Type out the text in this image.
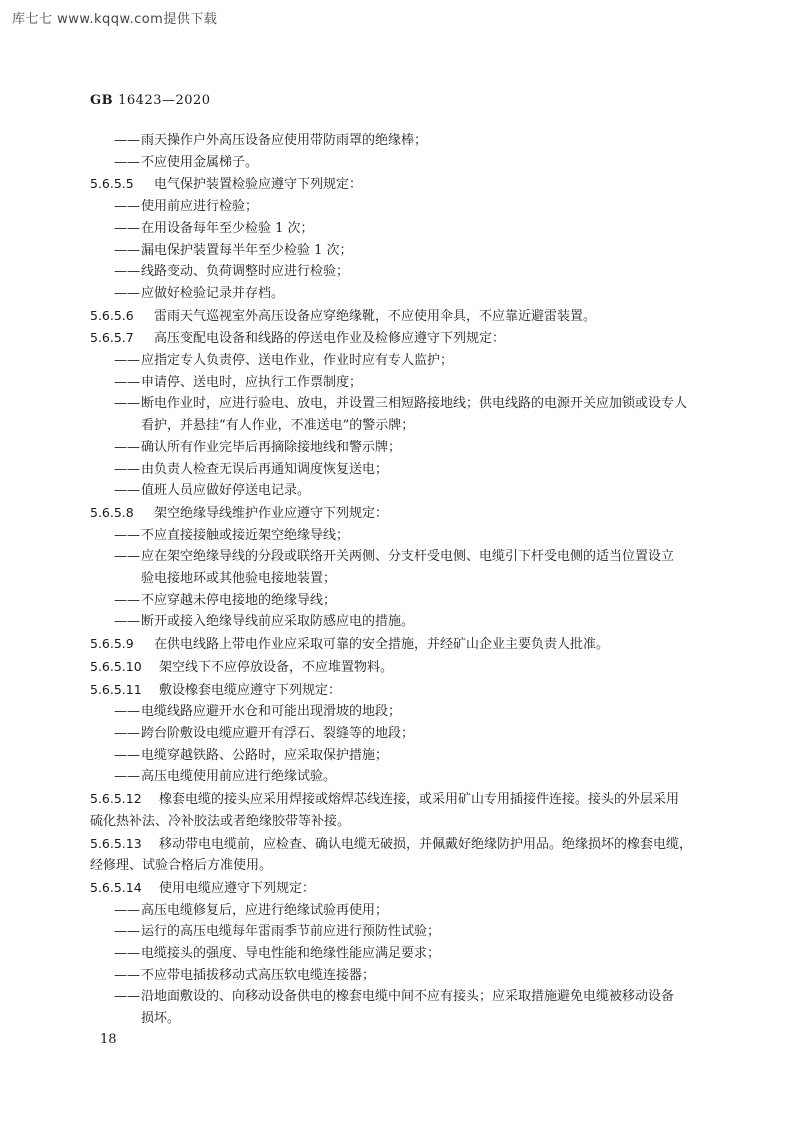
库七七 www.kqqw.com提供下载
GB 16423—2020
——雨天操作户外高压设备应使用带防雨罩的绝缘棒；
——不应使用金属梯子。
5.6.5.5 电气保护装置检验应遵守下列规定：
——使用前应进行检验；
——在用设备每年至少检验 1 次；
——漏电保护装置每半年至少检验 1 次；
——线路变动、负荷调整时应进行检验；
——应做好检验记录并存档。
5.6.5.6 雷雨天气巡视室外高压设备应穿绝缘靴，不应使用伞具，不应靠近避雷装置。
5.6.5.7 高压变配电设备和线路的停送电作业及检修应遵守下列规定：
——应指定专人负责停、送电作业，作业时应有专人监护；
——申请停、送电时，应执行工作票制度；
——断电作业时，应进行验电、放电，并设置三相短路接地线；供电线路的电源开关应加锁或设专人
看护，并悬挂“有人作业，不准送电”的警示牌；
——确认所有作业完毕后再摘除接地线和警示牌；
——由负责人检查无误后再通知调度恢复送电；
——值班人员应做好停送电记录。
5.6.5.8 架空绝缘导线维护作业应遵守下列规定：
——不应直接接触或接近架空绝缘导线；
——应在架空绝缘导线的分段或联络开关两侧、分支杆受电侧、电缆引下杆受电侧的适当位置设立
验电接地环或其他验电接地装置；
——不应穿越未停电接地的绝缘导线；
——断开或接入绝缘导线前应采取防感应电的措施。
5.6.5.9 在供电线路上带电作业应采取可靠的安全措施，并经矿山企业主要负责人批准。
5.6.5.10 架空线下不应停放设备，不应堆置物料。
5.6.5.11 敷设橡套电缆应遵守下列规定：
——电缆线路应避开水仓和可能出现滑坡的地段；
——跨台阶敷设电缆应避开有浮石、裂缝等的地段；
——电缆穿越铁路、公路时，应采取保护措施；
——高压电缆使用前应进行绝缘试验。
5.6.5.12 橡套电缆的接头应采用焊接或熔焊芯线连接，或采用矿山专用插接件连接。接头的外层采用
硫化热补法、冷补胶法或者绝缘胶带等补接。
5.6.5.13 移动带电电缆前，应检查、确认电缆无破损，并佩戴好绝缘防护用品。绝缘损坏的橡套电缆，
经修理、试验合格后方准使用。
5.6.5.14 使用电缆应遵守下列规定：
——高压电缆修复后，应进行绝缘试验再使用；
——运行的高压电缆每年雷雨季节前应进行预防性试验；
——电缆接头的强度、导电性能和绝缘性能应满足要求；
——不应带电插拔移动式高压软电缆连接器；
——沿地面敷设的、向移动设备供电的橡套电缆中间不应有接头；应采取措施避免电缆被移动设备
损坏。
18
